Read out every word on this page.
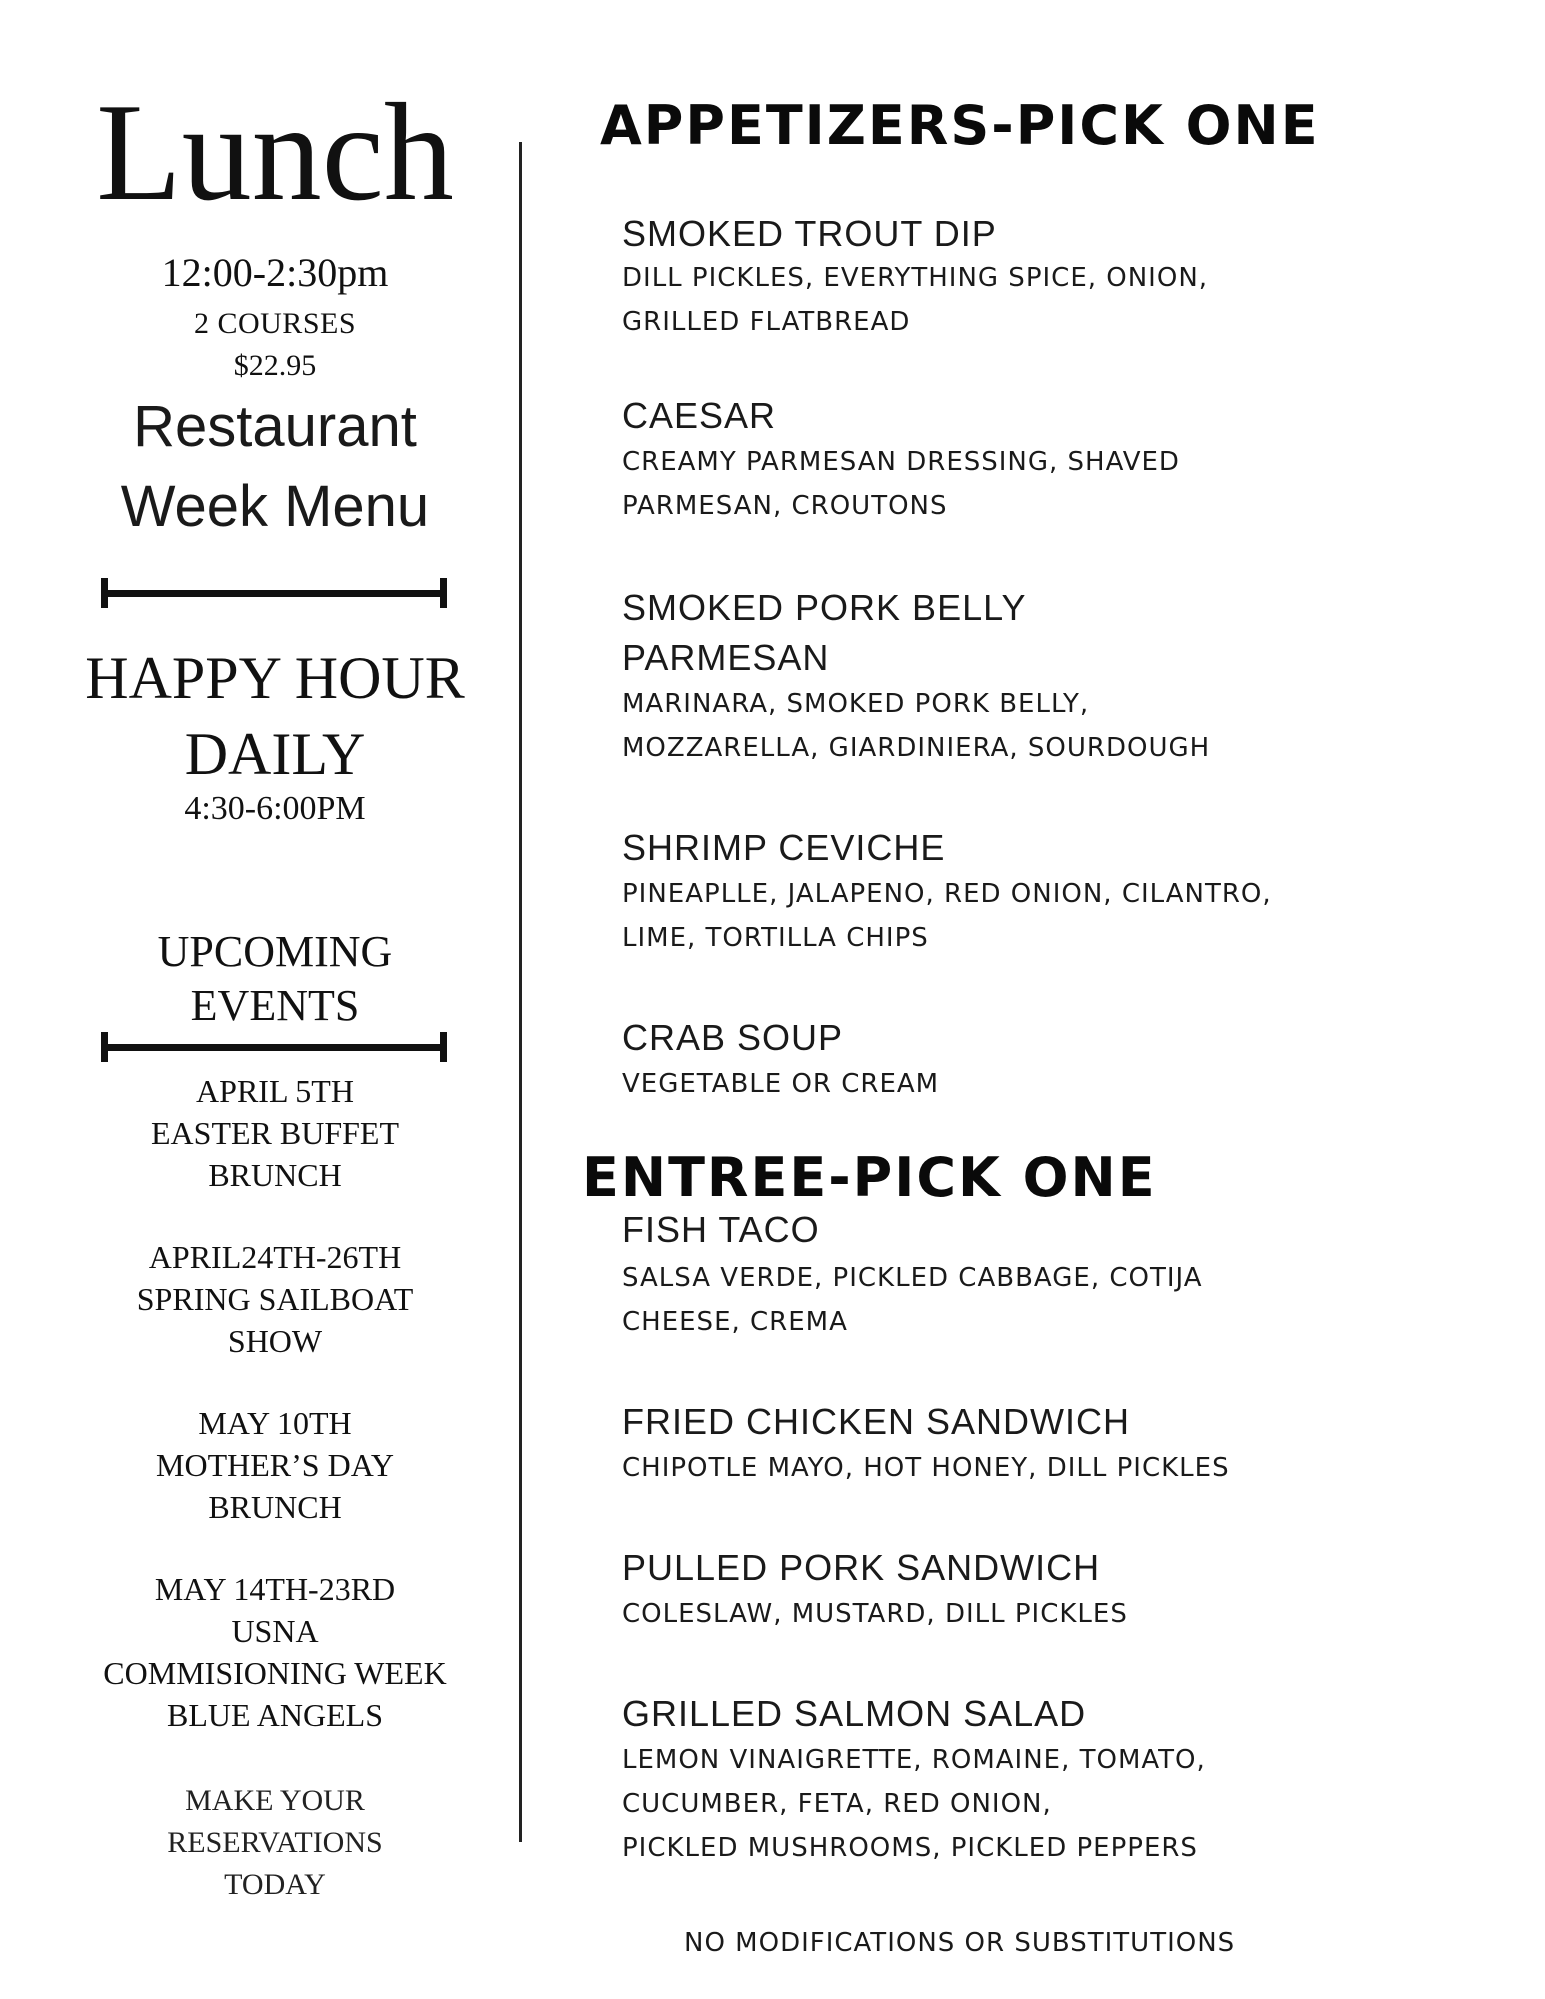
Lunch
12:00-2:30pm
2 COURSES
$22.95
Restaurant
Week Menu
HAPPY HOUR
DAILY
4:30-6:00PM
UPCOMING
EVENTS
APRIL 5TH
EASTER BUFFET
BRUNCH
APRIL24TH-26TH
SPRING SAILBOAT
SHOW
MAY 10TH
MOTHER’S DAY
BRUNCH
MAY 14TH-23RD
USNA
COMMISIONING WEEK
BLUE ANGELS
MAKE YOUR
RESERVATIONS
TODAY
APPETIZERS-PICK ONE
SMOKED TROUT DIP
DILL PICKLES, EVERYTHING SPICE, ONION,
GRILLED FLATBREAD
CAESAR
CREAMY PARMESAN DRESSING, SHAVED
PARMESAN, CROUTONS
SMOKED PORK BELLY
PARMESAN
MARINARA, SMOKED PORK BELLY,
MOZZARELLA, GIARDINIERA, SOURDOUGH
SHRIMP CEVICHE
PINEAPLLE, JALAPENO, RED ONION, CILANTRO,
LIME, TORTILLA CHIPS
CRAB SOUP
VEGETABLE OR CREAM
ENTREE-PICK ONE
FISH TACO
SALSA VERDE, PICKLED CABBAGE, COTIJA
CHEESE, CREMA
FRIED CHICKEN SANDWICH
CHIPOTLE MAYO, HOT HONEY, DILL PICKLES
PULLED PORK SANDWICH
COLESLAW, MUSTARD, DILL PICKLES
GRILLED SALMON SALAD
LEMON VINAIGRETTE, ROMAINE, TOMATO,
CUCUMBER, FETA, RED ONION,
PICKLED MUSHROOMS, PICKLED PEPPERS
NO MODIFICATIONS OR SUBSTITUTIONS
